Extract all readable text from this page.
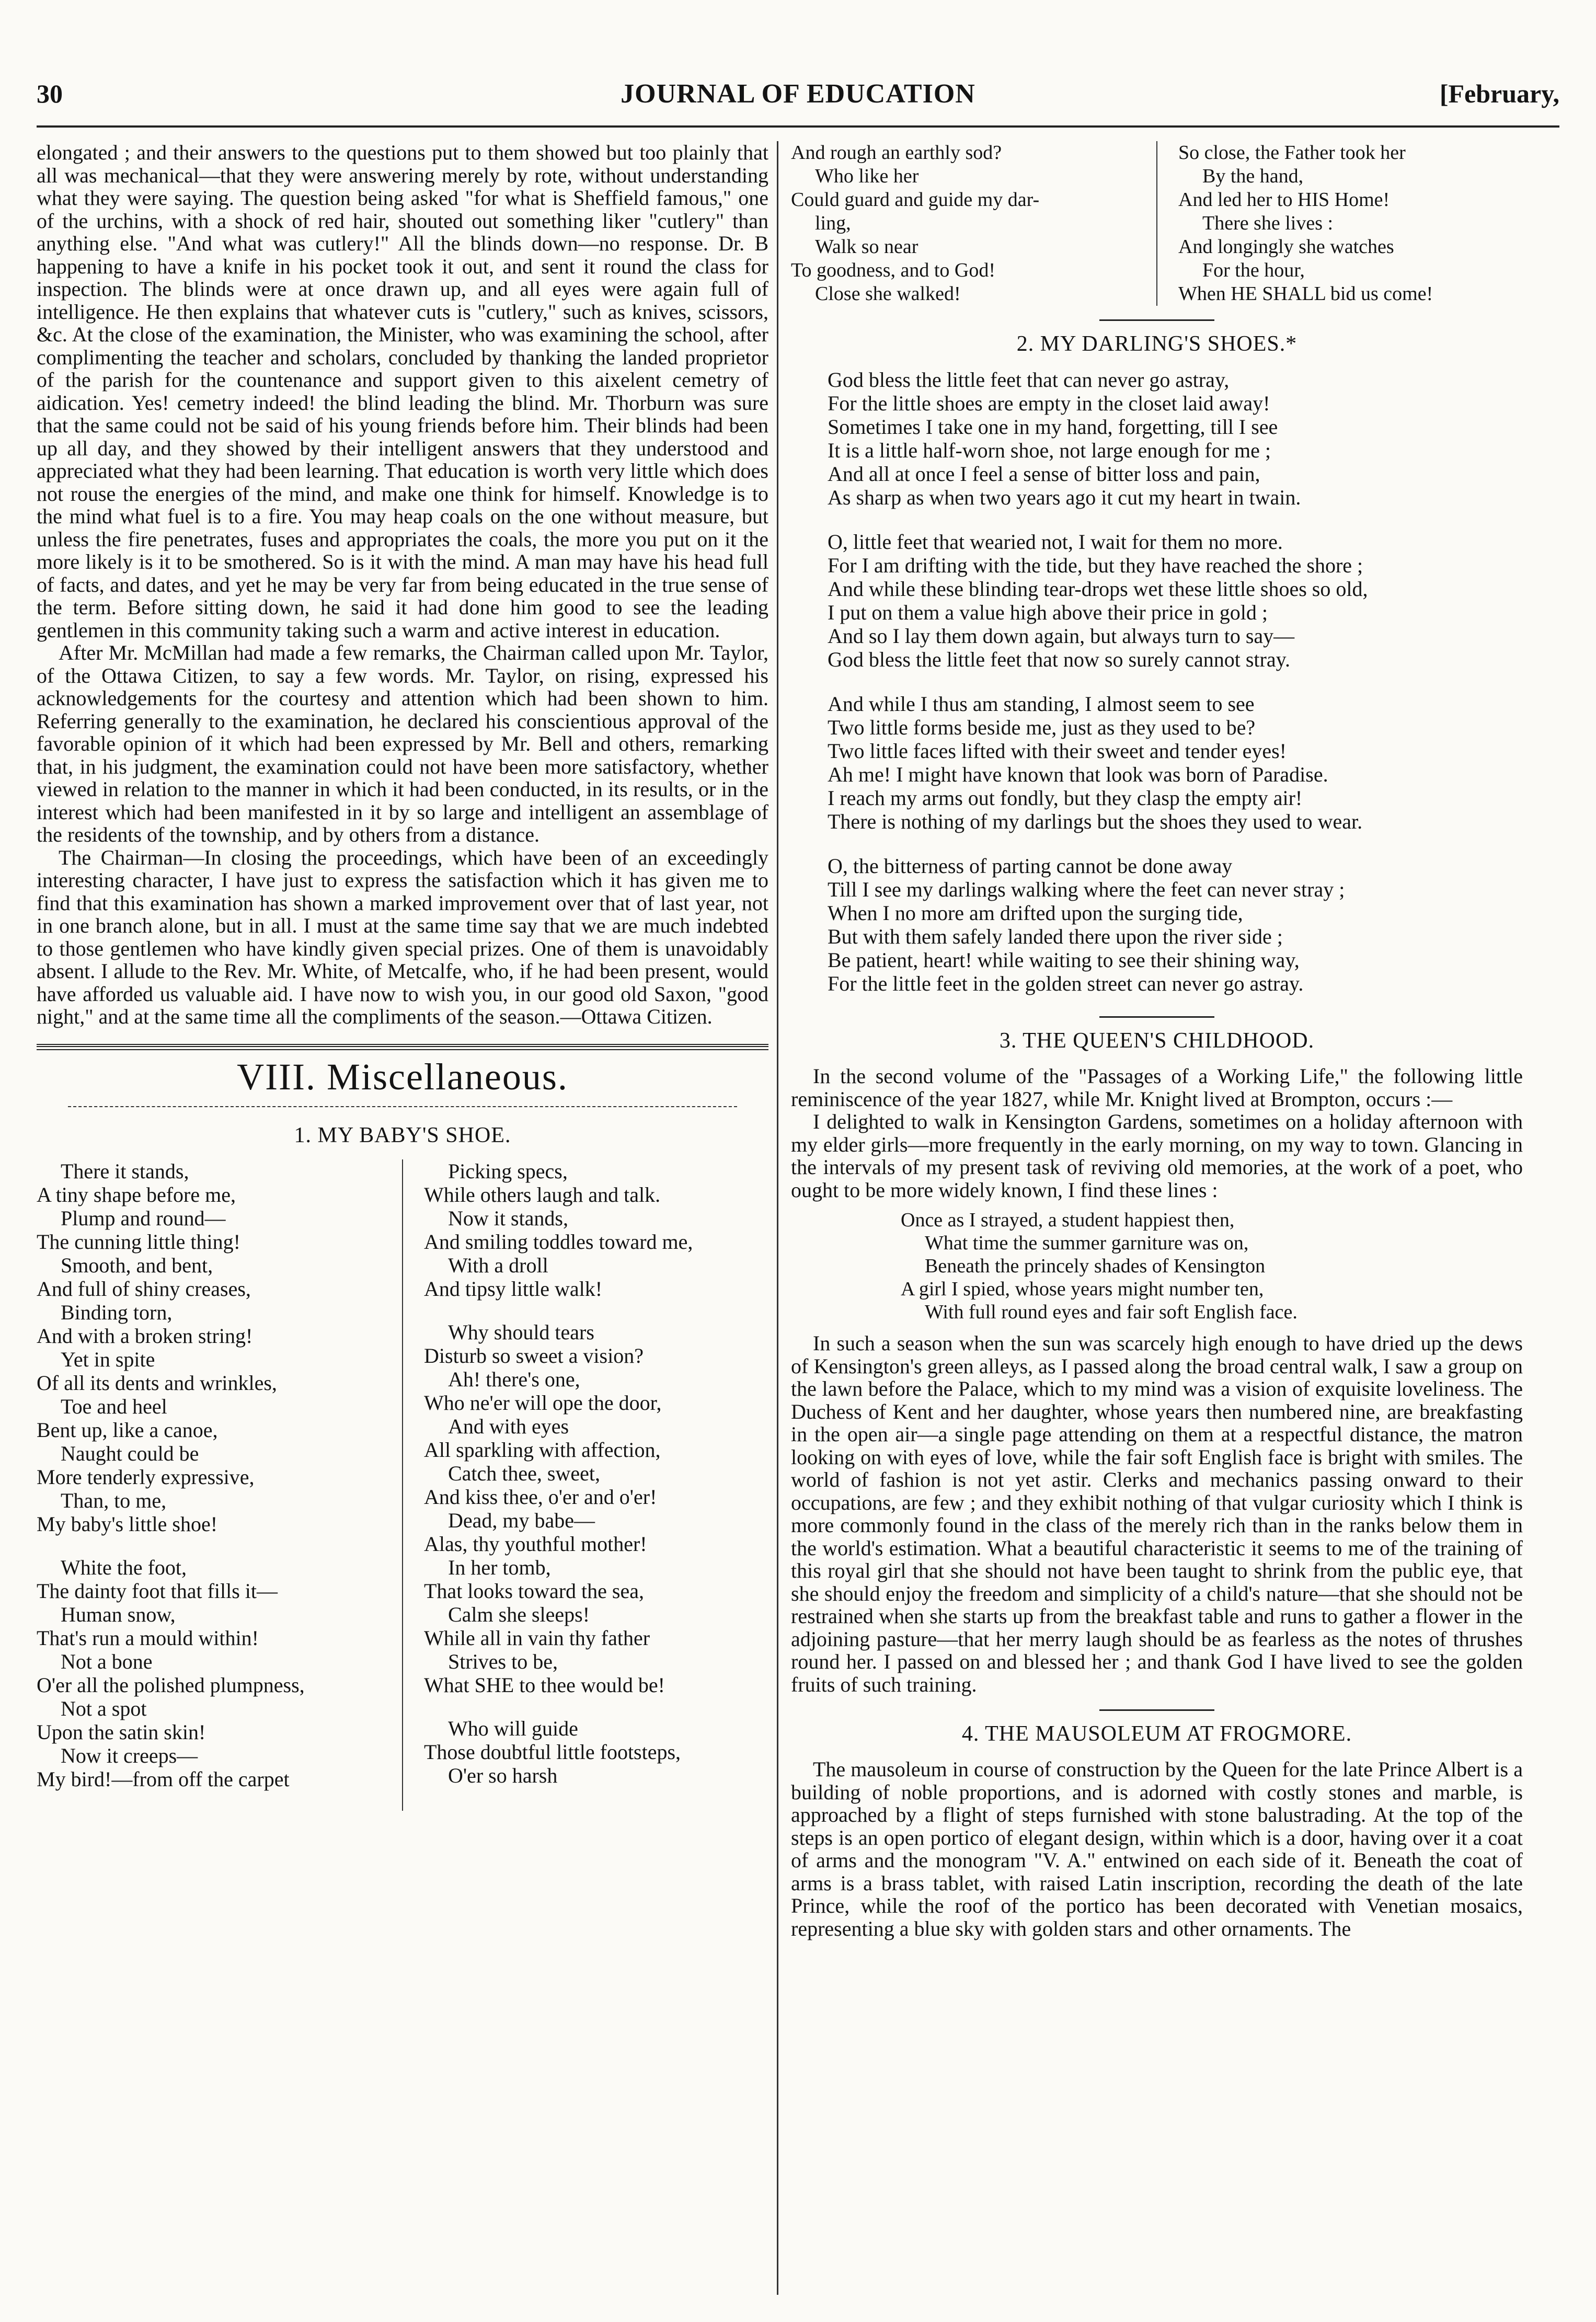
30	JOURNAL OF EDUCATION	[February,

elongated ; and their answers to the questions put to them showed but too plainly that all was mechanical—that they were answering merely by rote, without understanding what they were saying. The question being asked "for what is Sheffield famous," one of the urchins, with a shock of red hair, shouted out something liker "cutlery" than anything else. "And what was cutlery!" All the blinds down—no response. Dr. B happening to have a knife in his pocket took it out, and sent it round the class for inspection. The blinds were at once drawn up, and all eyes were again full of intelligence. He then explains that whatever cuts is "cutlery," such as knives, scissors, &c. At the close of the examination, the Minister, who was examining the school, after complimenting the teacher and scholars, concluded by thanking the landed proprietor of the parish for the countenance and support given to this aixelent cemetry of aidication. Yes! cemetry indeed! the blind leading the blind. Mr. Thorburn was sure that the same could not be said of his young friends before him. Their blinds had been up all day, and they showed by their intelligent answers that they understood and appreciated what they had been learning. That education is worth very little which does not rouse the energies of the mind, and make one think for himself. Knowledge is to the mind what fuel is to a fire. You may heap coals on the one without measure, but unless the fire penetrates, fuses and appropriates the coals, the more you put on it the more likely is it to be smothered. So is it with the mind. A man may have his head full of facts, and dates, and yet he may be very far from being educated in the true sense of the term. Before sitting down, he said it had done him good to see the leading gentlemen in this community taking such a warm and active interest in education.

After Mr. McMillan had made a few remarks, the Chairman called upon Mr. Taylor, of the Ottawa Citizen, to say a few words. Mr. Taylor, on rising, expressed his acknowledgements for the courtesy and attention which had been shown to him. Referring generally to the examination, he declared his conscientious approval of the favorable opinion of it which had been expressed by Mr. Bell and others, remarking that, in his judgment, the examination could not have been more satisfactory, whether viewed in relation to the manner in which it had been conducted, in its results, or in the interest which had been manifested in it by so large and intelligent an assemblage of the residents of the township, and by others from a distance.

The Chairman—In closing the proceedings, which have been of an exceedingly interesting character, I have just to express the satisfaction which it has given me to find that this examination has shown a marked improvement over that of last year, not in one branch alone, but in all. I must at the same time say that we are much indebted to those gentlemen who have kindly given special prizes. One of them is unavoidably absent. I allude to the Rev. Mr. White, of Metcalfe, who, if he had been present, would have afforded us valuable aid. I have now to wish you, in our good old Saxon, "good night," and at the same time all the compliments of the season.—Ottawa Citizen.

VIII. Miscellaneous.
1. MY BABY'S SHOE.
There it stands,
A tiny shape before me,
Plump and round—
The cunning little thing!
Smooth, and bent,
And full of shiny creases,
Binding torn,
And with a broken string!
Yet in spite
Of all its dents and wrinkles,
Toe and heel
Bent up, like a canoe,
Naught could be
More tenderly expressive,
Than, to me,
My baby's little shoe!
White the foot,
The dainty foot that fills it—
Human snow,
That's run a mould within!
Not a bone
O'er all the polished plumpness,
Not a spot
Upon the satin skin!
Now it creeps—
My bird!—from off the carpet
Picking specs,
While others laugh and talk.
Now it stands,
And smiling toddles toward me,
With a droll
And tipsy little walk!
Why should tears
Disturb so sweet a vision?
Ah! there's one,
Who ne'er will ope the door,
And with eyes
All sparkling with affection,
Catch thee, sweet,
And kiss thee, o'er and o'er!
Dead, my babe—
Alas, thy youthful mother!
In her tomb,
That looks toward the sea,
Calm she sleeps!
While all in vain thy father
Strives to be,
What SHE to thee would be!
Who will guide
Those doubtful little footsteps,
O'er so harsh
And rough an earthly sod?
Who like her
Could guard and guide my dar-
ling,
Walk so near
To goodness, and to God!
Close she walked!
So close, the Father took her
By the hand,
And led her to HIS Home!
There she lives :
And longingly she watches
For the hour,
When HE SHALL bid us come!
2. MY DARLING'S SHOES.*
God bless the little feet that can never go astray,
For the little shoes are empty in the closet laid away!
Sometimes I take one in my hand, forgetting, till I see
It is a little half-worn shoe, not large enough for me ;
And all at once I feel a sense of bitter loss and pain,
As sharp as when two years ago it cut my heart in twain.
O, little feet that wearied not, I wait for them no more.
For I am drifting with the tide, but they have reached the shore ;
And while these blinding tear-drops wet these little shoes so old,
I put on them a value high above their price in gold ;
And so I lay them down again, but always turn to say—
God bless the little feet that now so surely cannot stray.
And while I thus am standing, I almost seem to see
Two little forms beside me, just as they used to be?
Two little faces lifted with their sweet and tender eyes!
Ah me! I might have known that look was born of Paradise.
I reach my arms out fondly, but they clasp the empty air!
There is nothing of my darlings but the shoes they used to wear.
O, the bitterness of parting cannot be done away
Till I see my darlings walking where the feet can never stray ;
When I no more am drifted upon the surging tide,
But with them safely landed there upon the river side ;
Be patient, heart! while waiting to see their shining way,
For the little feet in the golden street can never go astray.
3. THE QUEEN'S CHILDHOOD.

In the second volume of the "Passages of a Working Life," the following little reminiscence of the year 1827, while Mr. Knight lived at Brompton, occurs :—

I delighted to walk in Kensington Gardens, sometimes on a holiday afternoon with my elder girls—more frequently in the early morning, on my way to town. Glancing in the intervals of my present task of reviving old memories, at the work of a poet, who ought to be more widely known, I find these lines :

Once as I strayed, a student happiest then,
What time the summer garniture was on,
Beneath the princely shades of Kensington
A girl I spied, whose years might number ten,
With full round eyes and fair soft English face.

In such a season when the sun was scarcely high enough to have dried up the dews of Kensington's green alleys, as I passed along the broad central walk, I saw a group on the lawn before the Palace, which to my mind was a vision of exquisite loveliness. The Duchess of Kent and her daughter, whose years then numbered nine, are breakfasting in the open air—a single page attending on them at a respectful distance, the matron looking on with eyes of love, while the fair soft English face is bright with smiles. The world of fashion is not yet astir. Clerks and mechanics passing onward to their occupations, are few ; and they exhibit nothing of that vulgar curiosity which I think is more commonly found in the class of the merely rich than in the ranks below them in the world's estimation. What a beautiful characteristic it seems to me of the training of this royal girl that she should not have been taught to shrink from the public eye, that she should enjoy the freedom and simplicity of a child's nature—that she should not be restrained when she starts up from the breakfast table and runs to gather a flower in the adjoining pasture—that her merry laugh should be as fearless as the notes of thrushes round her. I passed on and blessed her ; and thank God I have lived to see the golden fruits of such training.

4. THE MAUSOLEUM AT FROGMORE.

The mausoleum in course of construction by the Queen for the late Prince Albert is a building of noble proportions, and is adorned with costly stones and marble, is approached by a flight of steps furnished with stone balustrading. At the top of the steps is an open portico of elegant design, within which is a door, having over it a coat of arms and the monogram "V. A." entwined on each side of it. Beneath the coat of arms is a brass tablet, with raised Latin inscription, recording the death of the late Prince, while the roof of the portico has been decorated with Venetian mosaics, representing a blue sky with golden stars and other ornaments. The
